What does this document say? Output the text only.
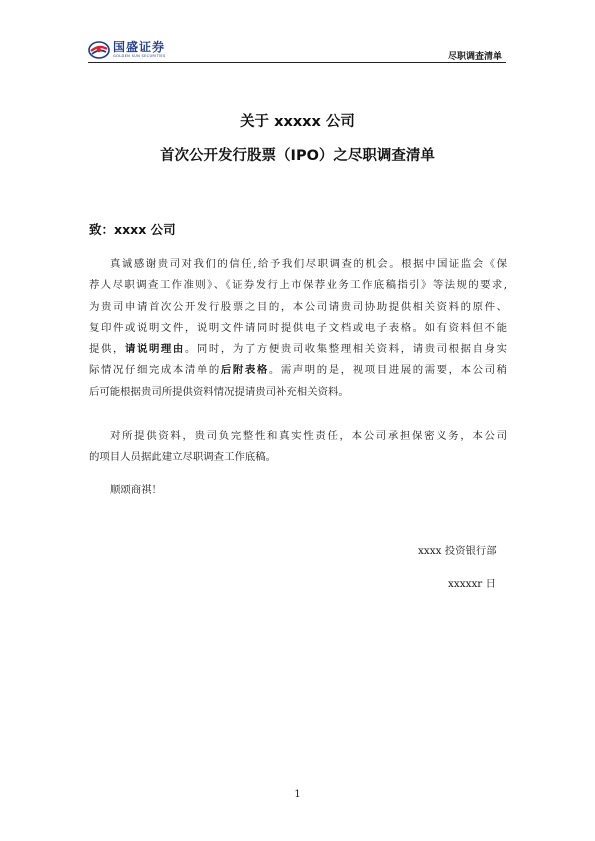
国盛证券
GOLDEN SUN SECURITIES	尽职调查清单
关于 xxxxx 公司
首次公开发行股票（IPO）之尽职调查清单
致：xxxx 公司
真诚感谢贵司对我们的信任,给予我们尽职调查的机会。根据中国证监会《保
荐人尽职调查工作准则》、《证券发行上市保荐业务工作底稿指引》等法规的要求,
为贵司申请首次公开发行股票之目的，本公司请贵司协助提供相关资料的原件、
复印件或说明文件，说明文件请同时提供电子文档或电子表格。如有资料但不能
提供，请说明理由。同时，为了方便贵司收集整理相关资料，请贵司根据自身实
际情况仔细完成本清单的后附表格。需声明的是，视项目进展的需要，本公司稍
后可能根据贵司所提供资料情况提请贵司补充相关资料。
对所提供资料，贵司负完整性和真实性责任，本公司承担保密义务，本公司
的项目人员据此建立尽职调查工作底稿。
顺颂商祺！
xxxx 投资银行部
xxxxxr 日
1
